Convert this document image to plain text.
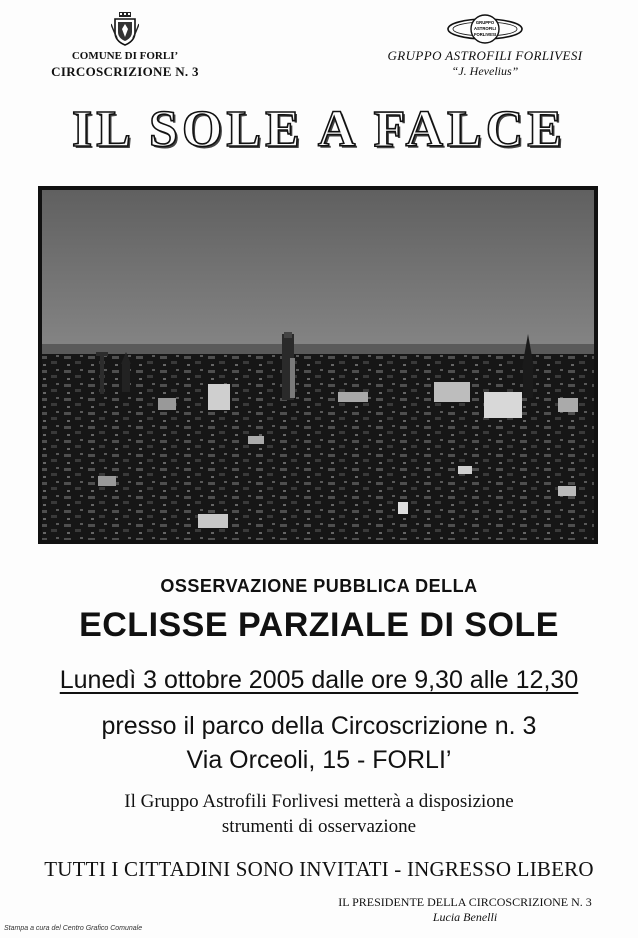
COMUNE DI FORLI’
CIRCOSCRIZIONE N. 3
GRUPPO
ASTROFILI
FORLIVESI
GRUPPO ASTROFILI FORLIVESI
“J. Hevelius”
IL SOLE A FALCE
OSSERVAZIONE PUBBLICA DELLA
ECLISSE PARZIALE DI SOLE
Lunedì 3 ottobre 2005 dalle ore 9,30 alle 12,30
presso il parco della Circoscrizione n. 3
Via Orceoli, 15 - FORLI’
Il Gruppo Astrofili Forlivesi metterà a disposizione
strumenti di osservazione
TUTTI I CITTADINI SONO INVITATI - INGRESSO LIBERO
IL PRESIDENTE DELLA CIRCOSCRIZIONE N. 3
Lucia Benelli
Stampa a cura del Centro Grafico Comunale
